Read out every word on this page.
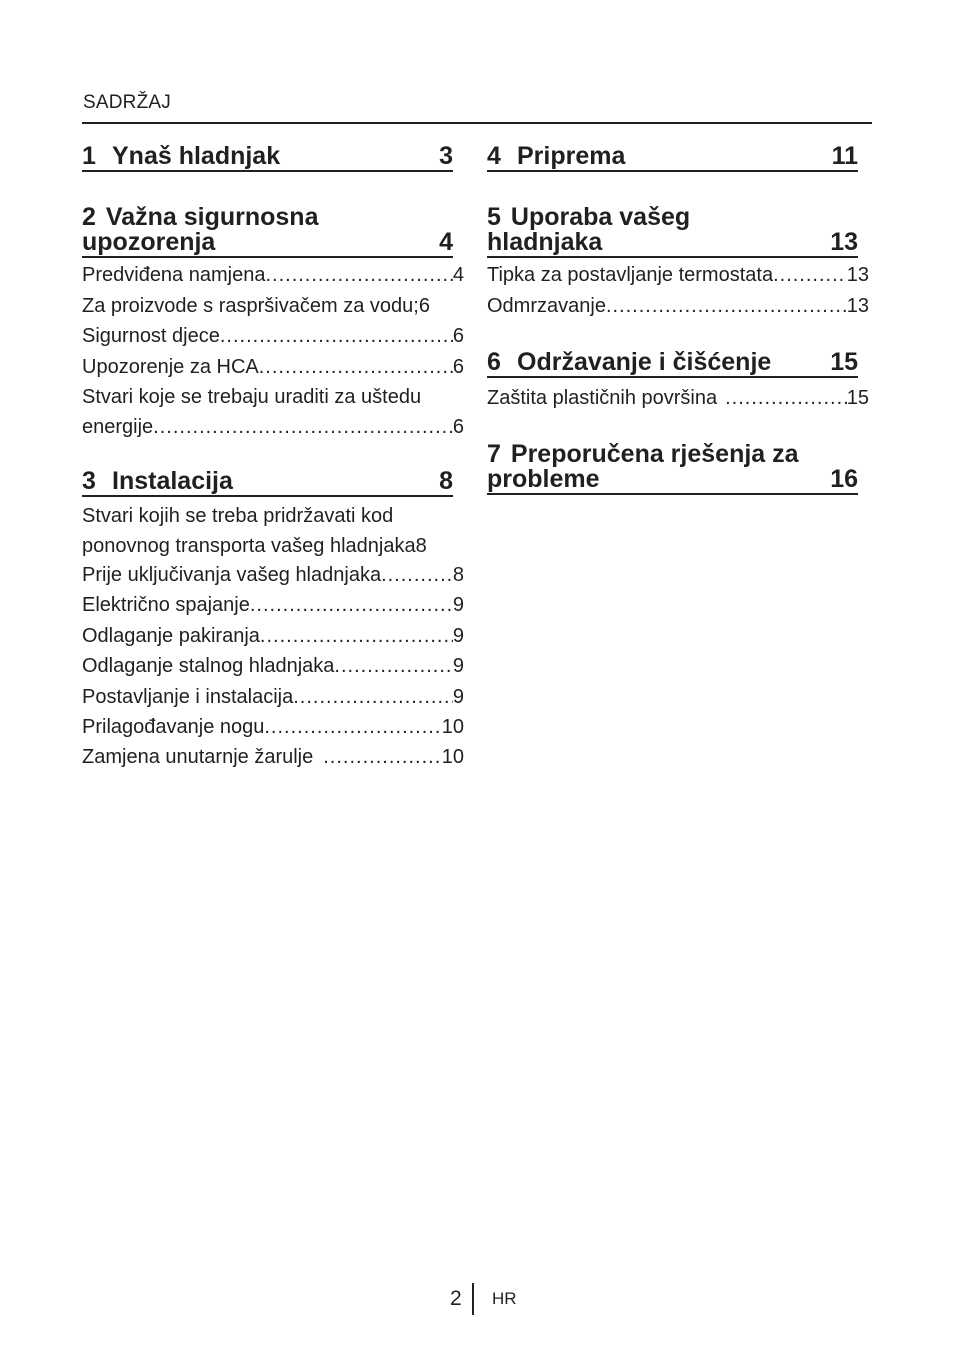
SADRŽAJ
1 Ynaš hladnjak	3
2 Važna sigurnosna upozorenja	4
Predviđena namjena .....	4
Za proizvode s raspršivačem za vodu; 6
Sigurnost djece .....	6
Upozorenje za HCA .....	6
Stvari koje se trebaju uraditi za uštedu
energije .....	6
3 Instalacija	8
Stvari kojih se treba pridržavati kod
ponovnog transporta vašeg hladnjaka 8
Prije uključivanja vašeg hladnjaka .....	8
Električno spajanje .....	9
Odlaganje pakiranja .....	9
Odlaganje stalnog hladnjaka .....	9
Postavljanje i instalacija .....	9
Prilagođavanje nogu .....	10
Zamjena unutarnje žarulje .....	10
4 Priprema	11
5 Uporaba vašeg hladnjaka	13
Tipka za postavljanje termostata .....	13
Odmrzavanje .....	13
6 Održavanje i čišćenje 15
Zaštita plastičnih površina .....	15
7 Preporučena rješenja za probleme	16
2 HR
